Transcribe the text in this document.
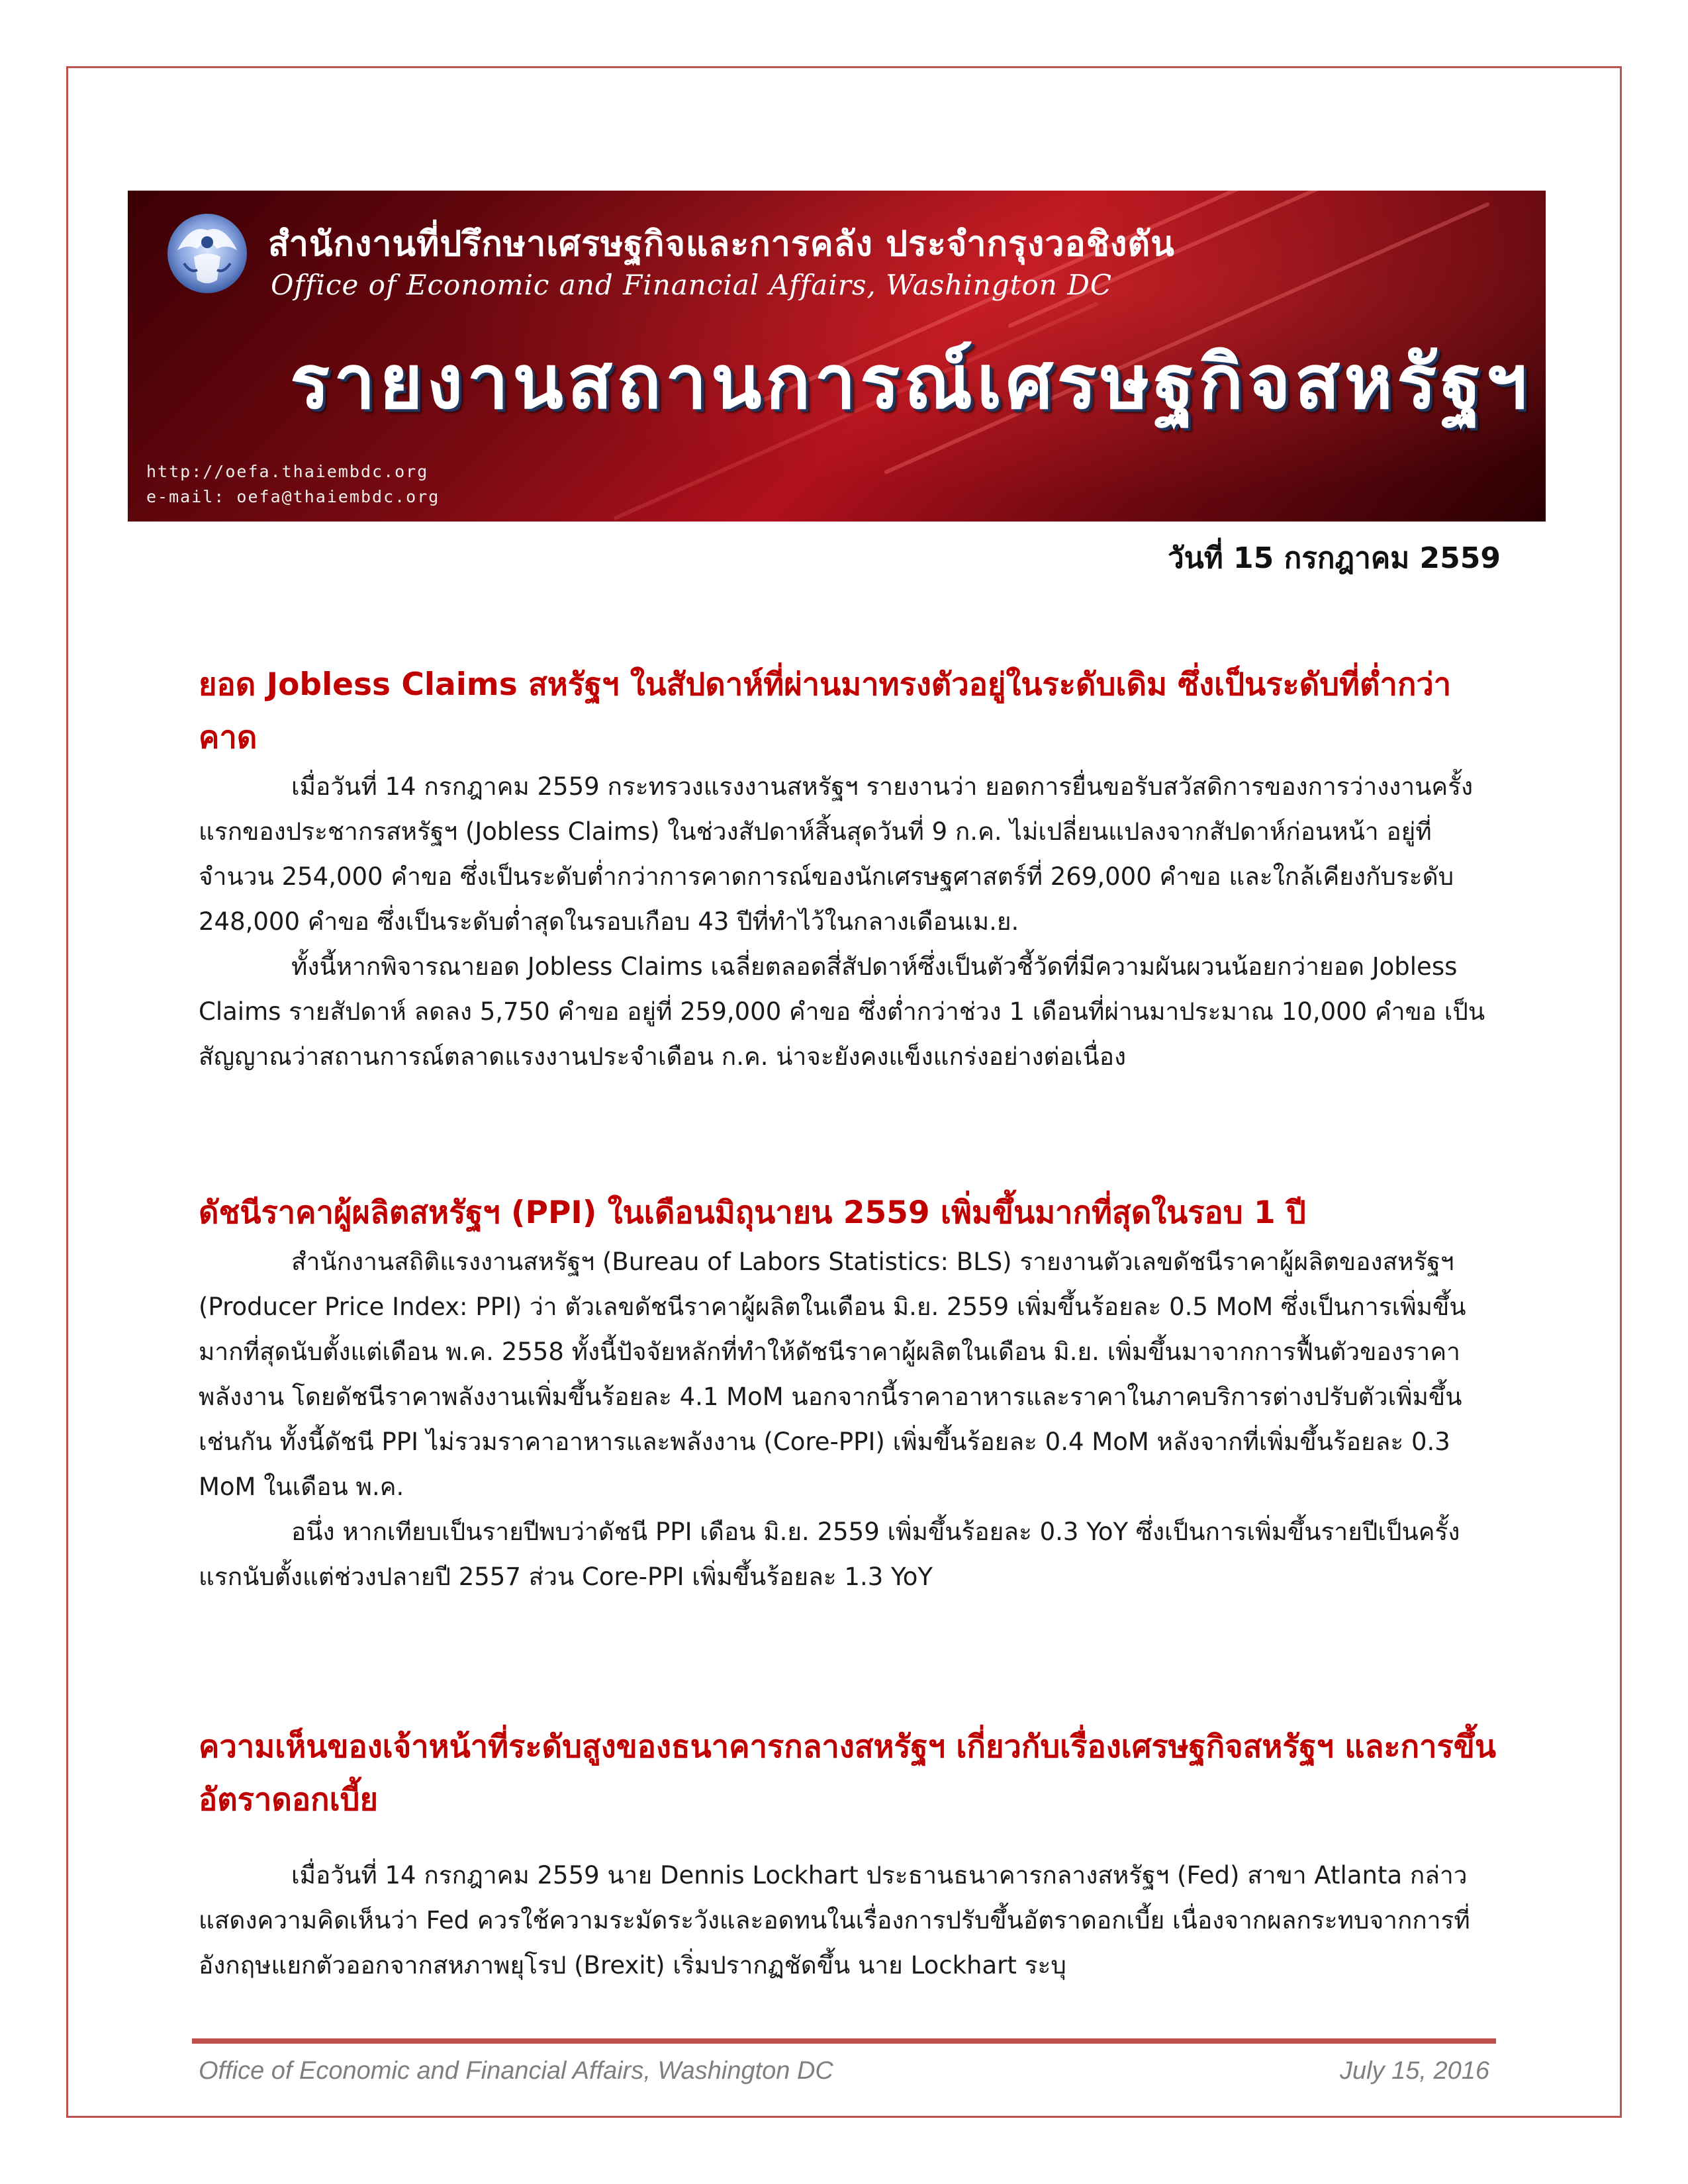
สำนักงานที่ปรึกษาเศรษฐกิจและการคลัง ประจำกรุงวอชิงตัน
Office of Economic and Financial Affairs, Washington DC
รายงานสถานการณ์เศรษฐกิจสหรัฐฯ
http://oefa.thaiembdc.org
e-mail: oefa@thaiembdc.org
วันที่ 15 กรกฎาคม 2559
ยอด Jobless Claims สหรัฐฯ ในสัปดาห์ที่ผ่านมาทรงตัวอยู่ในระดับเดิม ซึ่งเป็นระดับที่ต่ำกว่าคาด

เมื่อวันที่ 14 กรกฎาคม 2559 กระทรวงแรงงานสหรัฐฯ รายงานว่า ยอดการยื่นขอรับสวัสดิการของการว่างงานครั้งแรกของประชากรสหรัฐฯ (Jobless Claims) ในช่วงสัปดาห์สิ้นสุดวันที่ 9 ก.ค. ไม่เปลี่ยนแปลงจากสัปดาห์ก่อนหน้า อยู่ที่จำนวน 254,000 คำขอ ซึ่งเป็นระดับต่ำกว่าการคาดการณ์ของนักเศรษฐศาสตร์ที่ 269,000 คำขอ และใกล้เคียงกับระดับ 248,000 คำขอ ซึ่งเป็นระดับต่ำสุดในรอบเกือบ 43 ปีที่ทำไว้ในกลางเดือนเม.ย.

ทั้งนี้หากพิจารณายอด Jobless Claims เฉลี่ยตลอดสี่สัปดาห์ซึ่งเป็นตัวชี้วัดที่มีความผันผวนน้อยกว่ายอด Jobless Claims รายสัปดาห์ ลดลง 5,750 คำขอ อยู่ที่ 259,000 คำขอ ซึ่งต่ำกว่าช่วง 1 เดือนที่ผ่านมาประมาณ 10,000 คำขอ เป็นสัญญาณว่าสถานการณ์ตลาดแรงงานประจำเดือน ก.ค. น่าจะยังคงแข็งแกร่งอย่างต่อเนื่อง

ดัชนีราคาผู้ผลิตสหรัฐฯ (PPI) ในเดือนมิถุนายน 2559 เพิ่มขึ้นมากที่สุดในรอบ 1 ปี

สำนักงานสถิติแรงงานสหรัฐฯ (Bureau of Labors Statistics: BLS) รายงานตัวเลขดัชนีราคาผู้ผลิตของสหรัฐฯ (Producer Price Index: PPI) ว่า ตัวเลขดัชนีราคาผู้ผลิตในเดือน มิ.ย. 2559 เพิ่มขึ้นร้อยละ 0.5 MoM ซึ่งเป็นการเพิ่มขึ้นมากที่สุดนับตั้งแต่เดือน พ.ค. 2558 ทั้งนี้ปัจจัยหลักที่ทำให้ดัชนีราคาผู้ผลิตในเดือน มิ.ย. เพิ่มขึ้นมาจากการฟื้นตัวของราคาพลังงาน โดยดัชนีราคาพลังงานเพิ่มขึ้นร้อยละ 4.1 MoM นอกจากนี้ราคาอาหารและราคาในภาคบริการต่างปรับตัวเพิ่มขึ้นเช่นกัน ทั้งนี้ดัชนี PPI ไม่รวมราคาอาหารและพลังงาน (Core-PPI) เพิ่มขึ้นร้อยละ 0.4 MoM หลังจากที่เพิ่มขึ้นร้อยละ 0.3 MoM ในเดือน พ.ค.

อนึ่ง หากเทียบเป็นรายปีพบว่าดัชนี PPI เดือน มิ.ย. 2559 เพิ่มขึ้นร้อยละ 0.3 YoY ซึ่งเป็นการเพิ่มขึ้นรายปีเป็นครั้งแรกนับตั้งแต่ช่วงปลายปี 2557 ส่วน Core-PPI เพิ่มขึ้นร้อยละ 1.3 YoY

ความเห็นของเจ้าหน้าที่ระดับสูงของธนาคารกลางสหรัฐฯ เกี่ยวกับเรื่องเศรษฐกิจสหรัฐฯ และการขึ้นอัตราดอกเบี้ย

เมื่อวันที่ 14 กรกฎาคม 2559 นาย Dennis Lockhart ประธานธนาคารกลางสหรัฐฯ (Fed) สาขา Atlanta กล่าวแสดงความคิดเห็นว่า Fed ควรใช้ความระมัดระวังและอดทนในเรื่องการปรับขึ้นอัตราดอกเบี้ย เนื่องจากผลกระทบจากการที่อังกฤษแยกตัวออกจากสหภาพยุโรป (Brexit) เริ่มปรากฏชัดขึ้น นาย Lockhart ระบุ

Office of Economic and Financial Affairs, Washington DC	July 15, 2016
